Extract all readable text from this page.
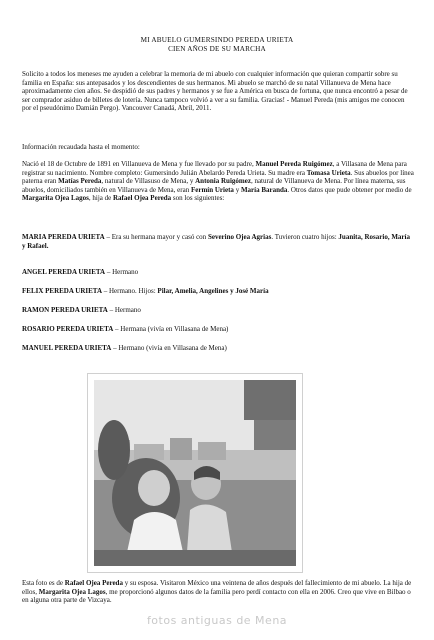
MI ABUELO GUMERSINDO PEREDA URIETA
CIEN AÑOS DE SU MARCHA
Solicito a todos los meneses me ayuden a celebrar la memoria de mi abuelo con cualquier información que quieran compartir sobre su familia en España: sus antepasados y los descendientes de sus hermanos. Mi abuelo se marchó de su natal Villanueva de Mena hace aproximadamente cien años. Se despidió de sus padres y hermanos y se fue a América en busca de fortuna, que nunca encontró a pesar de ser comprador asiduo de billetes de lotería. Nunca tampoco volvió a ver a su familia. Gracias! - Manuel Pereda (mis amigos me conocen por el pseudónimo Damián Pergo). Vancouver Canadá, Abril, 2011.
Información recaudada hasta el momento:
Nació el 18 de Octubre de 1891 en Villanueva de Mena y fue llevado por su padre, Manuel Pereda Ruigómez, a Villasana de Mena para registrar su nacimiento. Nombre completo: Gumersindo Julián Abelardo Pereda Urieta. Su madre era Tomasa Urieta. Sus abuelos por línea paterna eran Matías Pereda, natural de Villasuso de Mena, y Antonia Ruigómez, natural de Villanueva de Mena. Por línea materna, sus abuelos, domiciliados también en Villanueva de Mena, eran Fermín Urieta y María Baranda. Otros datos que pude obtener por medio de Margarita Ojea Lagos, hija de Rafael Ojea Pereda son los siguientes:
MARIA PEREDA URIETA – Era su hermana mayor y casó con Severino Ojea Agrias. Tuvieron cuatro hijos: Juanita, Rosario, María y Rafael.
ANGEL PEREDA URIETA – Hermano
FELIX PEREDA URIETA – Hermano. Hijos: Pilar, Amelia, Angelines y José María
RAMON PEREDA URIETA – Hermano
ROSARIO PEREDA URIETA – Hermana (vivía en Villasana de Mena)
MANUEL PEREDA URIETA – Hermano (vivía en Villasana de Mena)
Esta foto es de Rafael Ojea Pereda y su esposa. Visitaron México una veintena de años después del fallecimiento de mi abuelo. La hija de ellos, Margarita Ojea Lagos, me proporcionó algunos datos de la familia pero perdí contacto con ella en 2006. Creo que vive en Bilbao o en alguna otra parte de Vizcaya.
fotos antiguas de Mena
